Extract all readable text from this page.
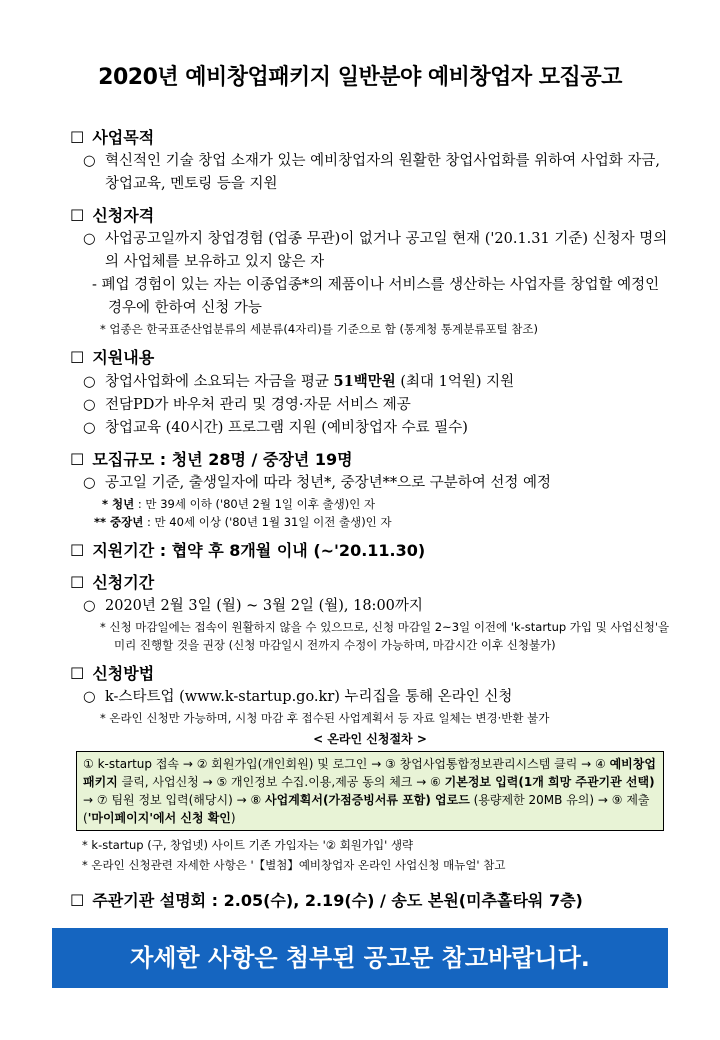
2020년 예비창업패키지 일반분야 예비창업자 모집공고
☐ 사업목적
○ 혁신적인 기술 창업 소재가 있는 예비창업자의 원활한 창업사업화를 위하여 사업화 자금, 창업교육, 멘토링 등을 지원
☐ 신청자격
○ 사업공고일까지 창업경험 (업종 무관)이 없거나 공고일 현재 ('20.1.31 기준) 신청자 명의의 사업체를 보유하고 있지 않은 자
- 폐업 경험이 있는 자는 이종업종*의 제품이나 서비스를 생산하는 사업자를 창업할 예정인 경우에 한하여 신청 가능
* 업종은 한국표준산업분류의 세분류(4자리)를 기준으로 함 (통계청 통계분류포털 참조)
☐ 지원내용
○ 창업사업화에 소요되는 자금을 평균 51백만원 (최대 1억원) 지원
○ 전담PD가 바우처 관리 및 경영·자문 서비스 제공
○ 창업교육 (40시간) 프로그램 지원 (예비창업자 수료 필수)
☐ 모집규모 : 청년 28명 / 중장년 19명
○ 공고일 기준, 출생일자에 따라 청년*, 중장년**으로 구분하여 선정 예정
* 청년 : 만 39세 이하 ('80년 2월 1일 이후 출생)인 자
** 중장년 : 만 40세 이상 ('80년 1월 31일 이전 출생)인 자
☐ 지원기간 : 협약 후 8개월 이내 (~'20.11.30)
☐ 신청기간
○ 2020년 2월 3일 (월) ~ 3월 2일 (월), 18:00까지
* 신청 마감일에는 접속이 원활하지 않을 수 있으므로, 신청 마감일 2~3일 이전에 'k-startup 가입 및 사업신청'을 미리 진행할 것을 권장 (신청 마감일시 전까지 수정이 가능하며, 마감시간 이후 신청불가)
☐ 신청방법
○ k-스타트업 (www.k-startup.go.kr) 누리집을 통해 온라인 신청
* 온라인 신청만 가능하며, 시청 마감 후 접수된 사업계획서 등 자료 일체는 변경·반환 불가
< 온라인 신청절차 >
① k-startup 접속 → ② 회원가입(개인회원) 및 로그인 → ③ 창업사업통합정보관리시스템 클릭 → ④ 예비창업패키지 클릭, 사업신청 → ⑤ 개인정보 수집.이용,제공 동의 체크 → ⑥ 기본정보 입력(1개 희망 주관기관 선택) → ⑦ 팀원 정보 입력(해당시) → ⑧ 사업계획서(가점증빙서류 포함) 업로드 (용량제한 20MB 유의) → ⑨ 제출 ('마이페이지'에서 신청 확인)
* k-startup (구, 창업넷) 사이트 기존 가입자는 '② 회원가입' 생략
* 온라인 신청관련 자세한 사항은 '【별첨】예비창업자 온라인 사업신청 매뉴얼' 참고
☐ 주관기관 설명회 : 2.05(수), 2.19(수) / 송도 본원(미추홀타워 7층)
자세한 사항은 첨부된 공고문 참고바랍니다.
